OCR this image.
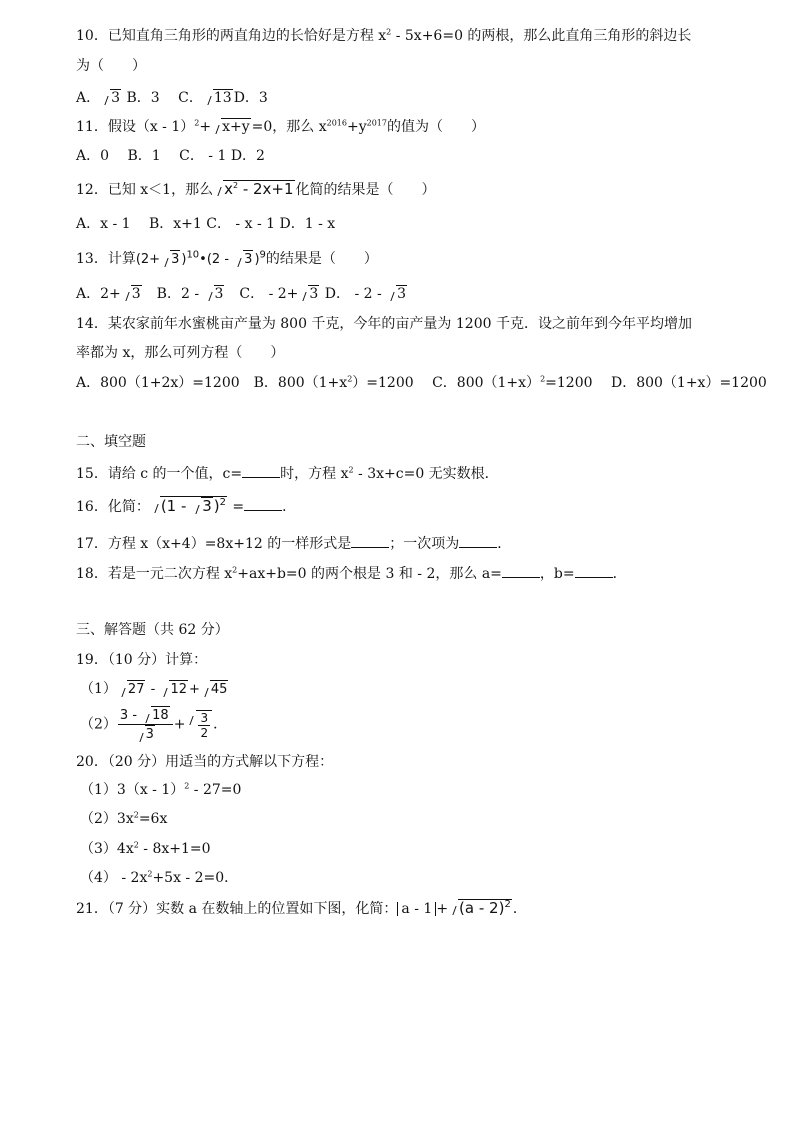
10．已知直角三角形的两直角边的长恰好是方程 $x^2 - 5x+6=0$ 的两根，那么此直角三角形的斜边长
为（　　）
A． 3 B．3　 C． 13 D．3
11．假设（x - 1）$^2$+ x+y =0，那么 $x^{2016}+y^{2017}$的值为（　　）
A．0　 B．1　 C． - 1 D．2
12．已知 x＜1，那么 $x^2 - 2x+1$ 化简的结果是（　　）
A．x - 1　 B．x+1 C． - x - 1 D．1 - x
13．计算(2+ 3 )$^{10}$•(2 - 3 )$^9$的结果是（　　）
A．2+ 3　B．2 - 3　C． - 2+ 3 D． - 2 - 3
14．某农家前年水蜜桃亩产量为 800 千克，今年的亩产量为 1200 千克．设之前年到今年平均增加
率都为 x，那么可列方程（　　）
A．800（1+2x）=1200　B．$800(1+x^2)=1200$　 C．$800(1+x)^2=1200$　 D．800（1+x）=1200
二、填空题
15．请给 c 的一个值，c=	时，方程 $x^2 - 3x+c=0$ 无实数根．
16．化简： (1 - 3 )$^2$ =	．
17．方程 x（x+4）=8x+12 的一样形式是	；一次项为	．
18．若是一元二次方程 $x^2+ax+b=0$ 的两个根是 3 和 - 2，那么 a=	，b=	．
三、解答题（共 62 分）
19．（10 分）计算：
（1） 27 - 12 + 45
$(2) \frac{3 - 18}{3} + \frac{3}{2}$ ．
20．（20 分）用适当的方式解以下方程：
（1）3（x - 1）$^2$ - 27=0
$(2)3x^2=6x$
$(3)4x^2 - 8x+1=0$
$(4) - 2x^2+5x - 2=0$．
21．（7 分）实数 a 在数轴上的位置如下图，化简： a - 1 + (a - 2)$^2$ ．
